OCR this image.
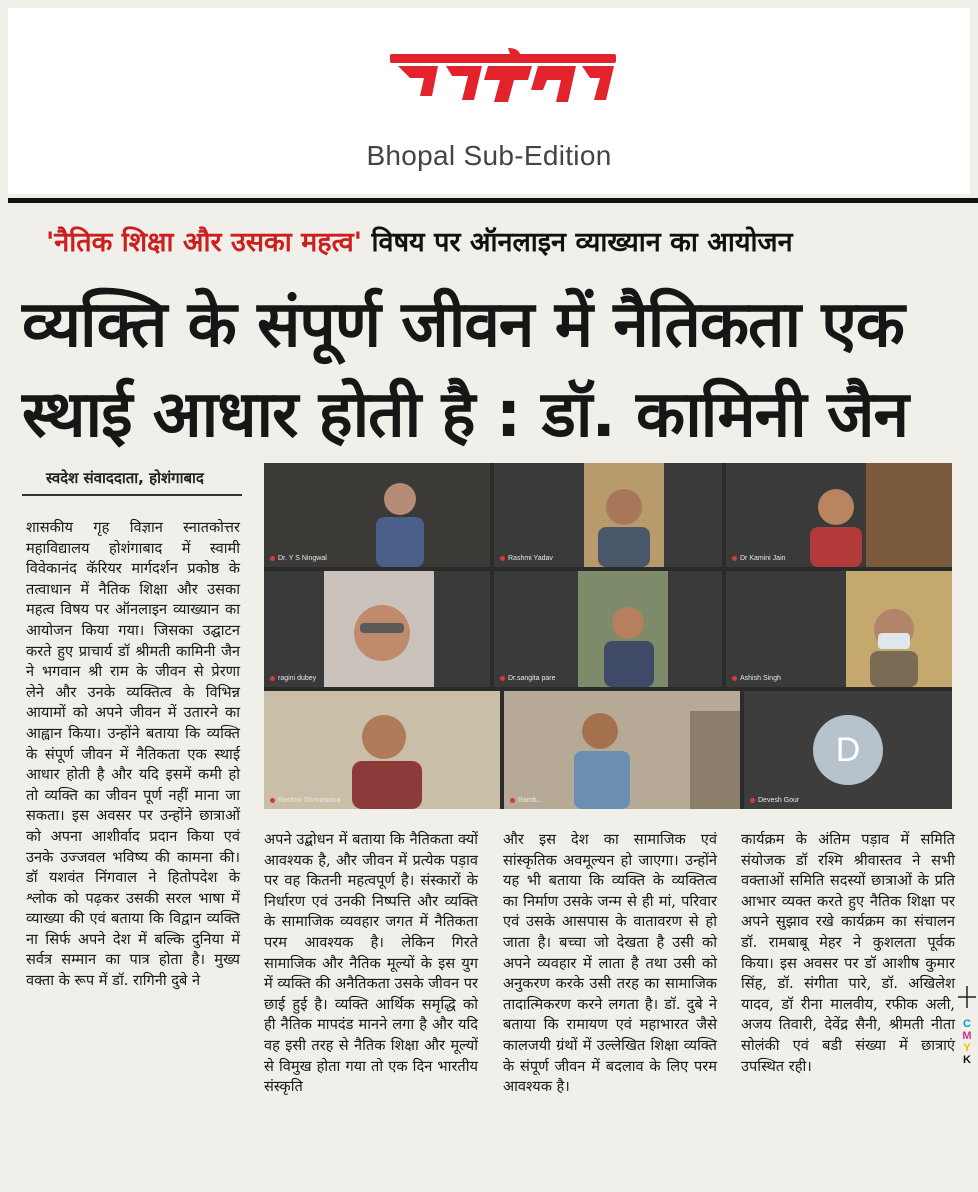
Bhopal Sub-Edition
'नैतिक शिक्षा और उसका महत्व' विषय पर ऑनलाइन व्याख्यान का आयोजन
व्यक्ति के संपूर्ण जीवन में नैतिकता एक स्थाई आधार होती है : डॉ. कामिनी जैन
स्वदेश संवाददाता, होशंगाबाद
शासकीय गृह विज्ञान स्नातकोत्तर महाविद्यालय होशंगाबाद में स्वामी विवेकानंद कॅरियर मार्गदर्शन प्रकोष्ठ के तत्वाधान में नैतिक शिक्षा और उसका महत्व विषय पर ऑनलाइन व्याख्यान का आयोजन किया गया। जिसका उद्घाटन करते हुए प्राचार्य डॉ श्रीमती कामिनी जैन ने भगवान श्री राम के जीवन से प्रेरणा लेने और उनके व्यक्तित्व के विभिन्न आयामों को अपने जीवन में उतारने का आह्वान किया। उन्होंने बताया कि व्यक्ति के संपूर्ण जीवन में नैतिकता एक स्थाई आधार होती है और यदि इसमें कमी हो तो व्यक्ति का जीवन पूर्ण नहीं माना जा सकता। इस अवसर पर उन्होंने छात्राओं को अपना आशीर्वाद प्रदान किया एवं उनके उज्जवल भविष्य की कामना की। डॉ यशवंत निंगवाल ने हितोपदेश के श्लोक को पढ़कर उसकी सरल भाषा में व्याख्या की एवं बताया कि विद्वान व्यक्ति ना सिर्फ अपने देश में बल्कि दुनिया में सर्वत्र सम्मान का पात्र होता है। मुख्य वक्ता के रूप में डॉ. रागिनी दुबे ने
Dr. Y S Ningwal	Rashmi Yadav	Dr Kamini Jain
ragini dubey	Dr.sangita pare	Ashish Singh
Rashmi Shrivastava	Ramb...
D
Devesh Gour
अपने उद्बोधन में बताया कि नैतिकता क्यों आवश्यक है, और जीवन में प्रत्येक पड़ाव पर वह कितनी महत्वपूर्ण है। संस्कारों के निर्धारण एवं उनकी निष्पत्ति और व्यक्ति के सामाजिक व्यवहार जगत में नैतिकता परम आवश्यक है। लेकिन गिरते सामाजिक और नैतिक मूल्यों के इस युग में व्यक्ति की अनैतिकता उसके जीवन पर छाई हुई है। व्यक्ति आर्थिक समृद्धि को ही नैतिक मापदंड मानने लगा है और यदि वह इसी तरह से नैतिक शिक्षा और मूल्यों से विमुख होता गया तो एक दिन भारतीय संस्कृति
और इस देश का सामाजिक एवं सांस्कृतिक अवमूल्यन हो जाएगा। उन्होंने यह भी बताया कि व्यक्ति के व्यक्तित्व का निर्माण उसके जन्म से ही मां, परिवार एवं उसके आसपास के वातावरण से हो जाता है। बच्चा जो देखता है उसी को अपने व्यवहार में लाता है तथा उसी को अनुकरण करके उसी तरह का सामाजिक तादात्मिकरण करने लगता है। डॉ. दुबे ने बताया कि रामायण एवं महाभारत जैसे कालजयी ग्रंथों में उल्लेखित शिक्षा व्यक्ति के संपूर्ण जीवन में बदलाव के लिए परम आवश्यक है।
कार्यक्रम के अंतिम पड़ाव में समिति संयोजक डॉ रश्मि श्रीवास्तव ने सभी वक्ताओं समिति सदस्यों छात्राओं के प्रति आभार व्यक्त करते हुए नैतिक शिक्षा पर अपने सुझाव रखे कार्यक्रम का संचालन डॉ. रामबाबू मेहर ने कुशलता पूर्वक किया। इस अवसर पर डॉ आशीष कुमार सिंह, डॉ. संगीता पारे, डॉ. अखिलेश यादव, डॉ रीना मालवीय, रफीक अली, अजय तिवारी, देवेंद्र सैनी, श्रीमती नीता सोलंकी एवं बडी संख्या में छात्राएं उपस्थित रही।
C
M
Y
K
